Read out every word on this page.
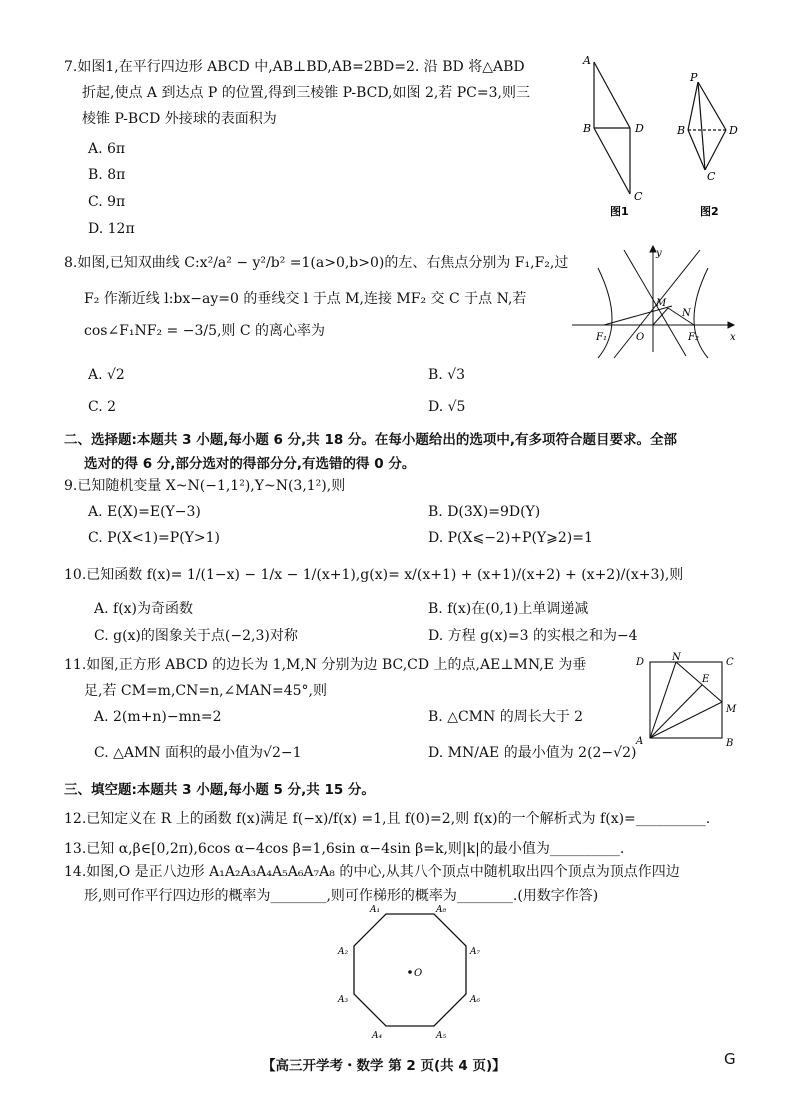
7.如图1,在平行四边形 ABCD 中,AB⊥BD,AB=2BD=2. 沿 BD 将△ABD
折起,使点 A 到达点 P 的位置,得到三棱锥 P-BCD,如图 2,若 PC=3,则三
棱锥 P-BCD 外接球的表面积为
A. 6π
B. 8π
C. 9π
D. 12π
A
B	D
C
图1
P
B	D
C
图2
8.如图,已知双曲线 C:x²/a² − y²/b² =1(a>0,b>0)的左、右焦点分别为 F₁,F₂,过
F₂ 作渐近线 l:bx−ay=0 的垂线交 l 于点 M,连接 MF₂ 交 C 于点 N,若
cos∠F₁NF₂ = −3/5,则 C 的离心率为
A. √2	B. √3
C. 2	D. √5
y
x
O
M
N
F₁	F₂
二、选择题:本题共 3 小题,每小题 6 分,共 18 分。在每小题给出的选项中,有多项符合题目要求。全部
选对的得 6 分,部分选对的得部分分,有选错的得 0 分。
9.已知随机变量 X~N(−1,1²),Y~N(3,1²),则
A. E(X)=E(Y−3)	B. D(3X)=9D(Y)
C. P(X<1)=P(Y>1)	D. P(X⩽−2)+P(Y⩾2)=1
10.已知函数 f(x)= 1/(1−x) − 1/x − 1/(x+1),g(x)= x/(x+1) + (x+1)/(x+2) + (x+2)/(x+3),则
A. f(x)为奇函数	B. f(x)在(0,1)上单调递减
C. g(x)的图象关于点(−2,3)对称	D. 方程 g(x)=3 的实根之和为−4
11.如图,正方形 ABCD 的边长为 1,M,N 分别为边 BC,CD 上的点,AE⊥MN,E 为垂
足,若 CM=m,CN=n,∠MAN=45°,则
A. 2(m+n)−mn=2	B. △CMN 的周长大于 2
C. △AMN 面积的最小值为√2−1	D. MN/AE 的最小值为 2(2−√2)
D	C
A	B
N
M
E
三、填空题:本题共 3 小题,每小题 5 分,共 15 分。
12.已知定义在 R 上的函数 f(x)满足 f(−x)/f(x) =1,且 f(0)=2,则 f(x)的一个解析式为 f(x)=__________.
13.已知 α,β∈[0,2π),6cos α−4cos β=1,6sin α−4sin β=k,则|k|的最小值为__________.
14.如图,O 是正八边形 A₁A₂A₃A₄A₅A₆A₇A₈ 的中心,从其八个顶点中随机取出四个顶点为顶点作四边
形,则可作平行四边形的概率为________,则可作梯形的概率为________.(用数字作答)
O
A₁
A₂
A₃
A₄	A₅
A₆
A₇
A₈
【高三开学考・数学 第 2 页(共 4 页)】	G
